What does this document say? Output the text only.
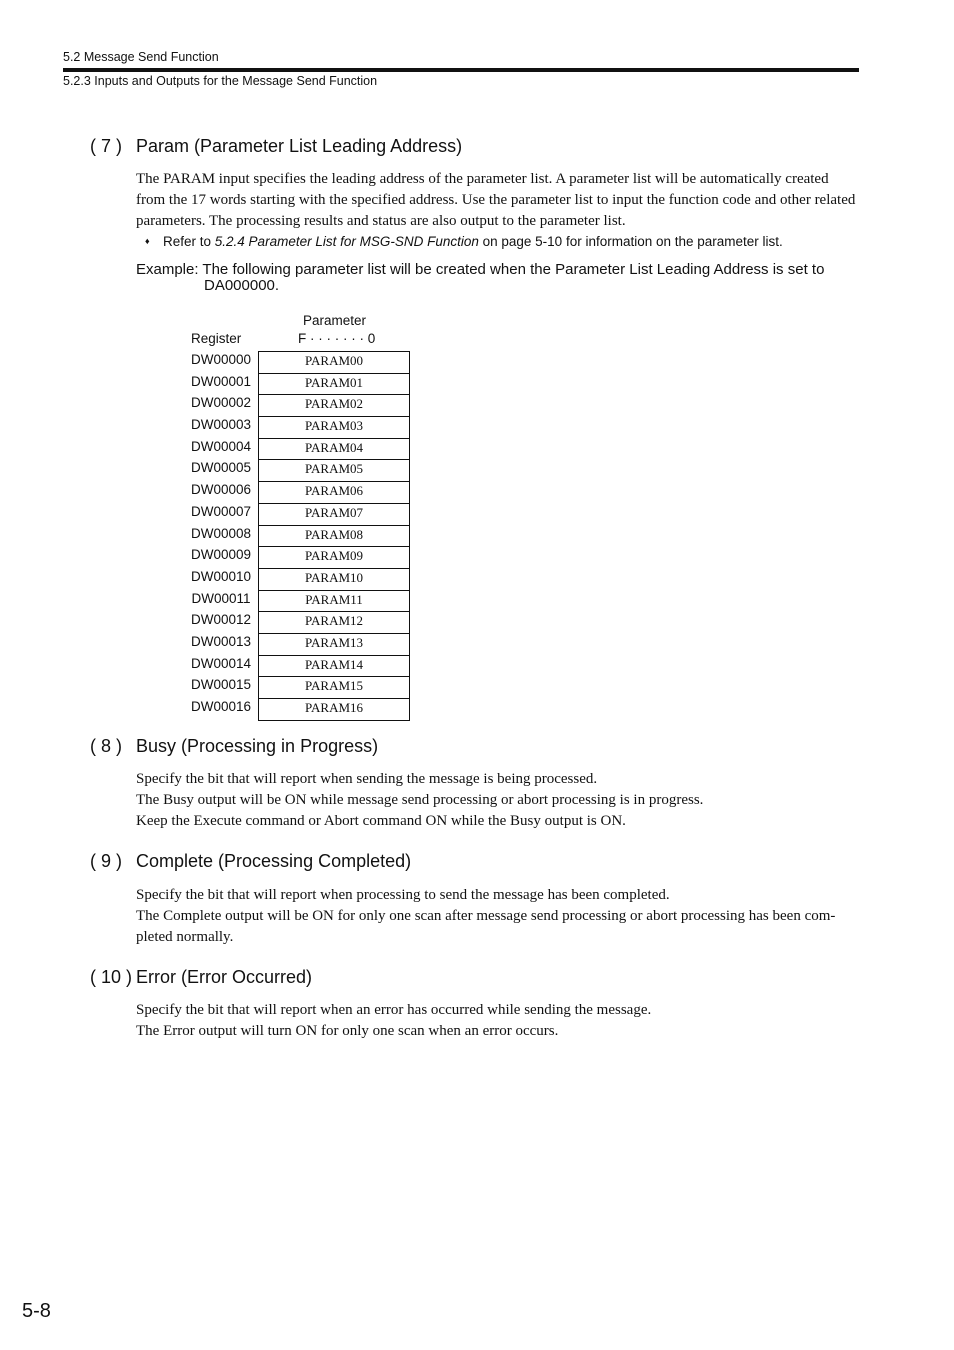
5.2 Message Send Function
5.2.3 Inputs and Outputs for the Message Send Function
( 7 ) Param (Parameter List Leading Address)

The PARAM input specifies the leading address of the parameter list. A parameter list will be automatically created from the 17 words starting with the specified address. Use the parameter list to input the function code and other related parameters. The processing results and status are also output to the parameter list.

♦ Refer to 5.2.4 Parameter List for MSG-SND Function on page 5-10 for information on the parameter list.
Example: The following parameter list will be created when the Parameter List Leading Address is set to
DA000000.
Parameter
Register	F · · · · · · · 0
DW00000
DW00001
DW00002
DW00003
DW00004
DW00005
DW00006
DW00007
DW00008
DW00009
DW00010
DW00011
DW00012
DW00013
DW00014
DW00015
DW00016
PARAM00
PARAM01
PARAM02
PARAM03
PARAM04
PARAM05
PARAM06
PARAM07
PARAM08
PARAM09
PARAM10
PARAM11
PARAM12
PARAM13
PARAM14
PARAM15
PARAM16
( 8 ) Busy (Processing in Progress)

Specify the bit that will report when sending the message is being processed.

The Busy output will be ON while message send processing or abort processing is in progress.

Keep the Execute command or Abort command ON while the Busy output is ON.

( 9 ) Complete (Processing Completed)

Specify the bit that will report when processing to send the message has been completed.

The Complete output will be ON for only one scan after message send processing or abort processing has been com-pleted normally.

( 10 ) Error (Error Occurred)

Specify the bit that will report when an error has occurred while sending the message.

The Error output will turn ON for only one scan when an error occurs.

5-8
